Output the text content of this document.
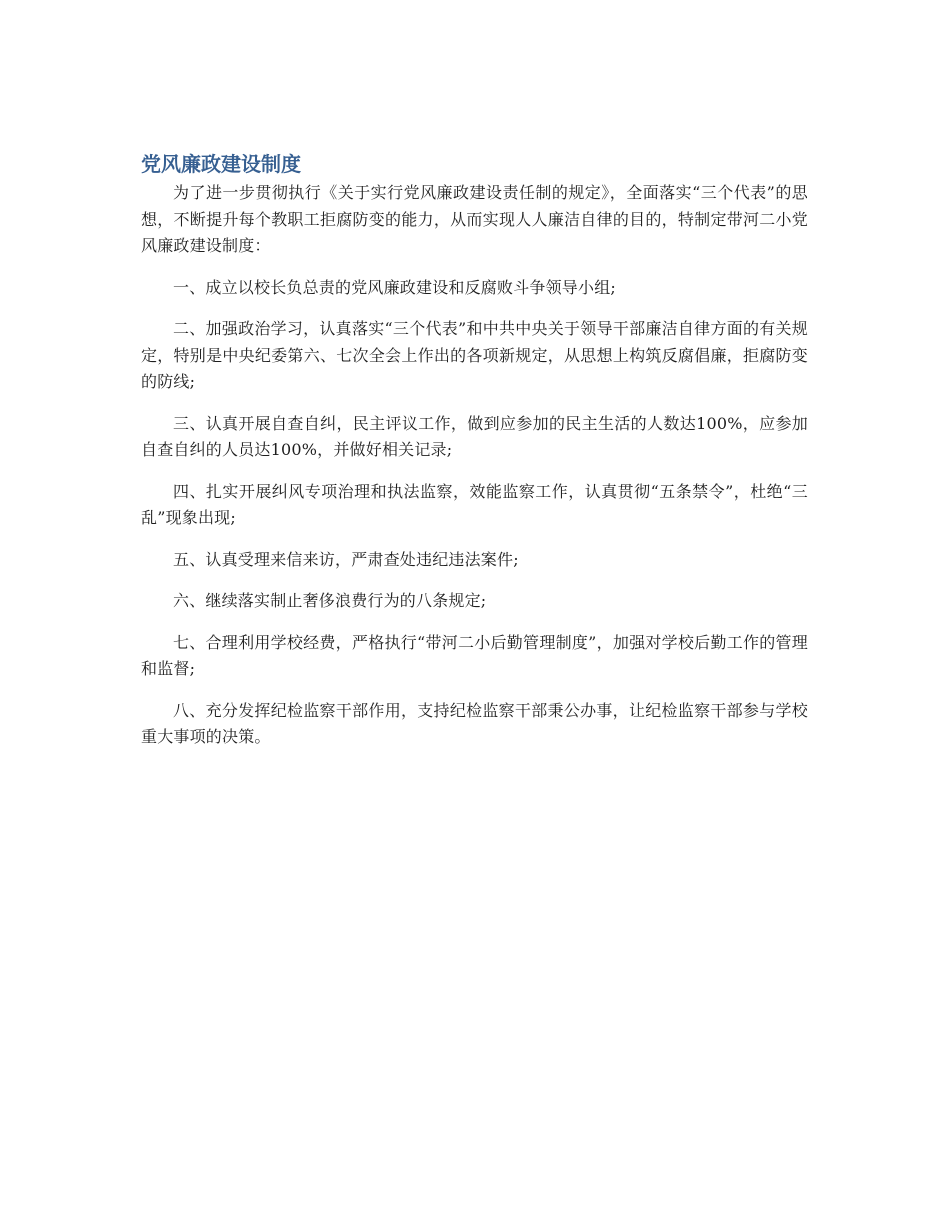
党风廉政建设制度

为了进一步贯彻执行《关于实行党风廉政建设责任制的规定》，全面落实“三个代表”的思想，不断提升每个教职工拒腐防变的能力，从而实现人人廉洁自律的目的，特制定带河二小党风廉政建设制度：

一、成立以校长负总责的党风廉政建设和反腐败斗争领导小组;

二、加强政治学习，认真落实“三个代表”和中共中央关于领导干部廉洁自律方面的有关规定，特别是中央纪委第六、七次全会上作出的各项新规定，从思想上构筑反腐倡廉，拒腐防变的防线;

三、认真开展自查自纠，民主评议工作，做到应参加的民主生活的人数达100%，应参加自查自纠的人员达100%，并做好相关记录;

四、扎实开展纠风专项治理和执法监察，效能监察工作，认真贯彻“五条禁令”，杜绝“三乱”现象出现;

五、认真受理来信来访，严肃查处违纪违法案件;

六、继续落实制止奢侈浪费行为的八条规定;

七、合理利用学校经费，严格执行“带河二小后勤管理制度”，加强对学校后勤工作的管理和监督;

八、充分发挥纪检监察干部作用，支持纪检监察干部秉公办事，让纪检监察干部参与学校重大事项的决策。
